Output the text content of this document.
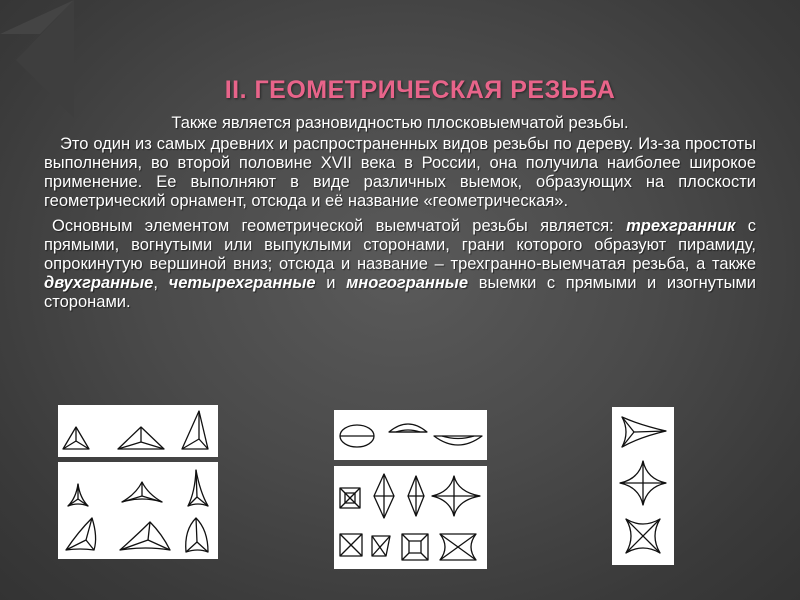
II. ГЕОМЕТРИЧЕСКАЯ РЕЗЬБА

Также является разновидностью плосковыемчатой резьбы.

Это один из самых древних и распространенных видов резьбы по дереву. Из-за простоты выполнения, во второй половине XVII века в России, она получила наиболее широкое применение. Ее выполняют в виде различных выемок, образующих на плоскости геометрический орнамент, отсюда и её название «геометрическая».

Основным элементом геометрической выемчатой резьбы является: трехгранник с прямыми, вогнутыми или выпуклыми сторонами, грани которого образуют пирамиду, опрокинутую вершиной вниз; отсюда и название – трехгранно-выемчатая резьба, а также двухгранные, четырехгранные и многогранные выемки с прямыми и изогнутыми сторонами.
